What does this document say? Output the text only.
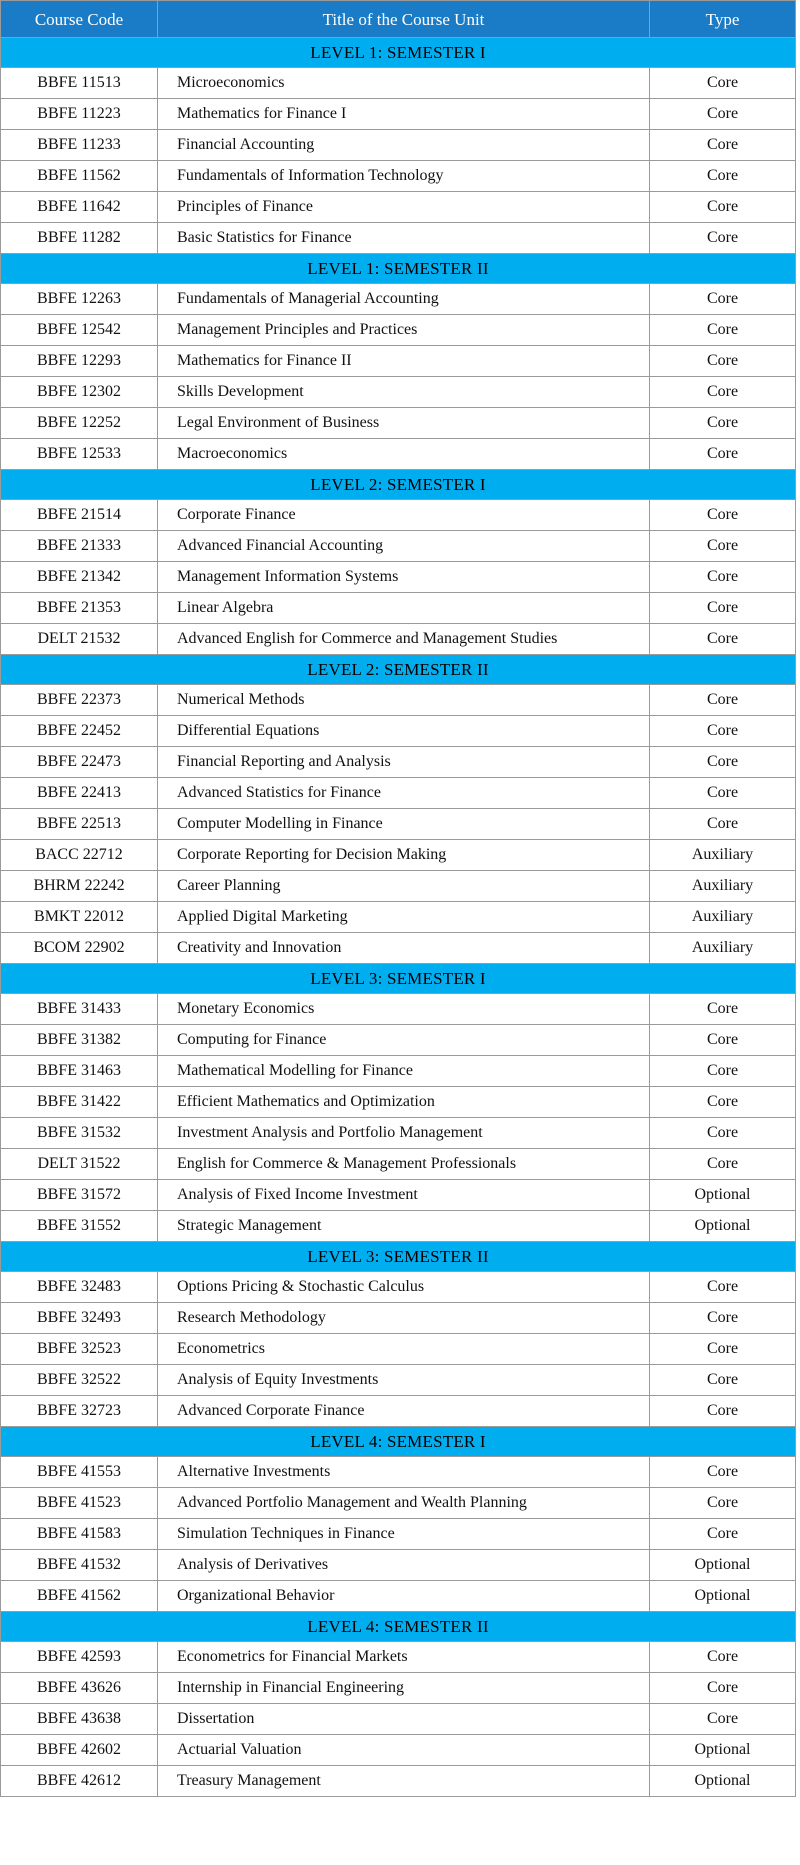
Course Code	Title of the Course Unit	Type
LEVEL 1: SEMESTER I		
BBFE 11513	Microeconomics	Core
BBFE 11223	Mathematics for Finance I	Core
BBFE 11233	Financial Accounting	Core
BBFE 11562	Fundamentals of Information Technology	Core
BBFE 11642	Principles of Finance	Core
BBFE 11282	Basic Statistics for Finance	Core
LEVEL 1: SEMESTER II		
BBFE 12263	Fundamentals of Managerial Accounting	Core
BBFE 12542	Management Principles and Practices	Core
BBFE 12293	Mathematics for Finance II	Core
BBFE 12302	Skills Development	Core
BBFE 12252	Legal Environment of Business	Core
BBFE 12533	Macroeconomics	Core
LEVEL 2: SEMESTER I		
BBFE 21514	Corporate Finance	Core
BBFE 21333	Advanced Financial Accounting	Core
BBFE 21342	Management Information Systems	Core
BBFE 21353	Linear Algebra	Core
DELT 21532	Advanced English for Commerce and Management Studies	Core
LEVEL 2: SEMESTER II		
BBFE 22373	Numerical Methods	Core
BBFE 22452	Differential Equations	Core
BBFE 22473	Financial Reporting and Analysis	Core
BBFE 22413	Advanced Statistics for Finance	Core
BBFE 22513	Computer Modelling in Finance	Core
BACC 22712	Corporate Reporting for Decision Making	Auxiliary
BHRM 22242	Career Planning	Auxiliary
BMKT 22012	Applied Digital Marketing	Auxiliary
BCOM 22902	Creativity and Innovation	Auxiliary
LEVEL 3: SEMESTER I		
BBFE 31433	Monetary Economics	Core
BBFE 31382	Computing for Finance	Core
BBFE 31463	Mathematical Modelling for Finance	Core
BBFE 31422	Efficient Mathematics and Optimization	Core
BBFE 31532	Investment Analysis and Portfolio Management	Core
DELT 31522	English for Commerce & Management Professionals	Core
BBFE 31572	Analysis of Fixed Income Investment	Optional
BBFE 31552	Strategic Management	Optional
LEVEL 3: SEMESTER II		
BBFE 32483	Options Pricing & Stochastic Calculus	Core
BBFE 32493	Research Methodology	Core
BBFE 32523	Econometrics	Core
BBFE 32522	Analysis of Equity Investments	Core
BBFE 32723	Advanced Corporate Finance	Core
LEVEL 4: SEMESTER I		
BBFE 41553	Alternative Investments	Core
BBFE 41523	Advanced Portfolio Management and Wealth Planning	Core
BBFE 41583	Simulation Techniques in Finance	Core
BBFE 41532	Analysis of Derivatives	Optional
BBFE 41562	Organizational Behavior	Optional
LEVEL 4: SEMESTER II		
BBFE 42593	Econometrics for Financial Markets	Core
BBFE 43626	Internship in Financial Engineering	Core
BBFE 43638	Dissertation	Core
BBFE 42602	Actuarial Valuation	Optional
BBFE 42612	Treasury Management	Optional
